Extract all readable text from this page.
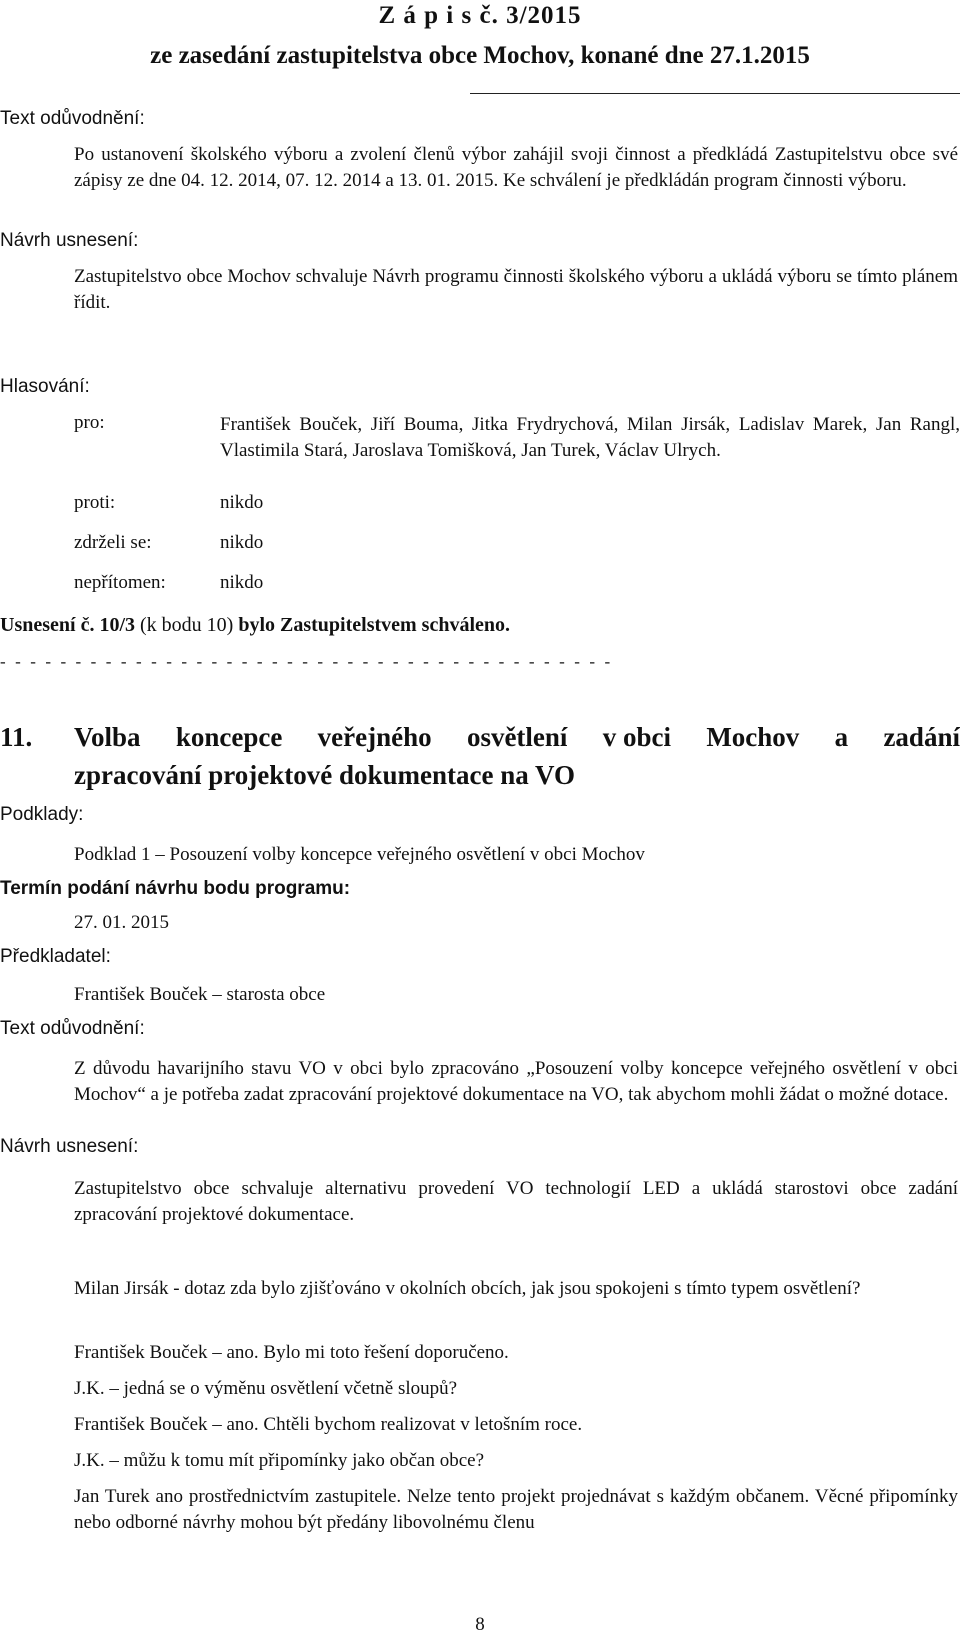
Z á p i s č. 3/2015
ze zasedání zastupitelstva obce Mochov, konané dne 27.1.2015
Text odůvodnění:
Po ustanovení školského výboru a zvolení členů výbor zahájil svoji činnost a předkládá Zastupitelstvu obce své zápisy ze dne 04. 12. 2014, 07. 12. 2014 a 13. 01. 2015. Ke schválení je předkládán program činnosti výboru.
Návrh usnesení:
Zastupitelstvo obce Mochov schvaluje Návrh programu činnosti školského výboru a ukládá výboru se tímto plánem řídit.
Hlasování:
pro:	František Bouček, Jiří Bouma, Jitka Frydrychová, Milan Jirsák, Ladislav Marek, Jan Rangl, Vlastimila Stará, Jaroslava Tomišková, Jan Turek, Václav Ulrych.
proti:	nikdo
zdrželi se:	nikdo
nepřítomen:	nikdo
Usnesení č. 10/3 (k bodu 10) bylo Zastupitelstvem schváleno.
- - - - - - - - - - - - - - - - - - - - - - - - - - - - - - - - - - - - - - - - -
11. Volba koncepce veřejného osvětlení v obci Mochov a zadání
zpracování projektové dokumentace na VO
Podklady:
Podklad 1 – Posouzení volby koncepce veřejného osvětlení v obci Mochov
Termín podání návrhu bodu programu:
27. 01. 2015
Předkladatel:
František Bouček – starosta obce
Text odůvodnění:
Z důvodu havarijního stavu VO v obci bylo zpracováno „Posouzení volby koncepce veřejného osvětlení v obci Mochov“ a je potřeba zadat zpracování projektové dokumentace na VO, tak abychom mohli žádat o možné dotace.
Návrh usnesení:
Zastupitelstvo obce schvaluje alternativu provedení VO technologií LED a ukládá starostovi obce zadání zpracování projektové dokumentace.
Milan Jirsák - dotaz zda bylo zjišťováno v okolních obcích, jak jsou spokojeni s tímto typem osvětlení?
František Bouček – ano. Bylo mi toto řešení doporučeno.
J.K. – jedná se o výměnu osvětlení včetně sloupů?
František Bouček – ano. Chtěli bychom realizovat v letošním roce.
J.K. – můžu k tomu mít připomínky jako občan obce?
Jan Turek ano prostřednictvím zastupitele. Nelze tento projekt projednávat s každým občanem. Věcné připomínky nebo odborné návrhy mohou být předány libovolnému členu
8
